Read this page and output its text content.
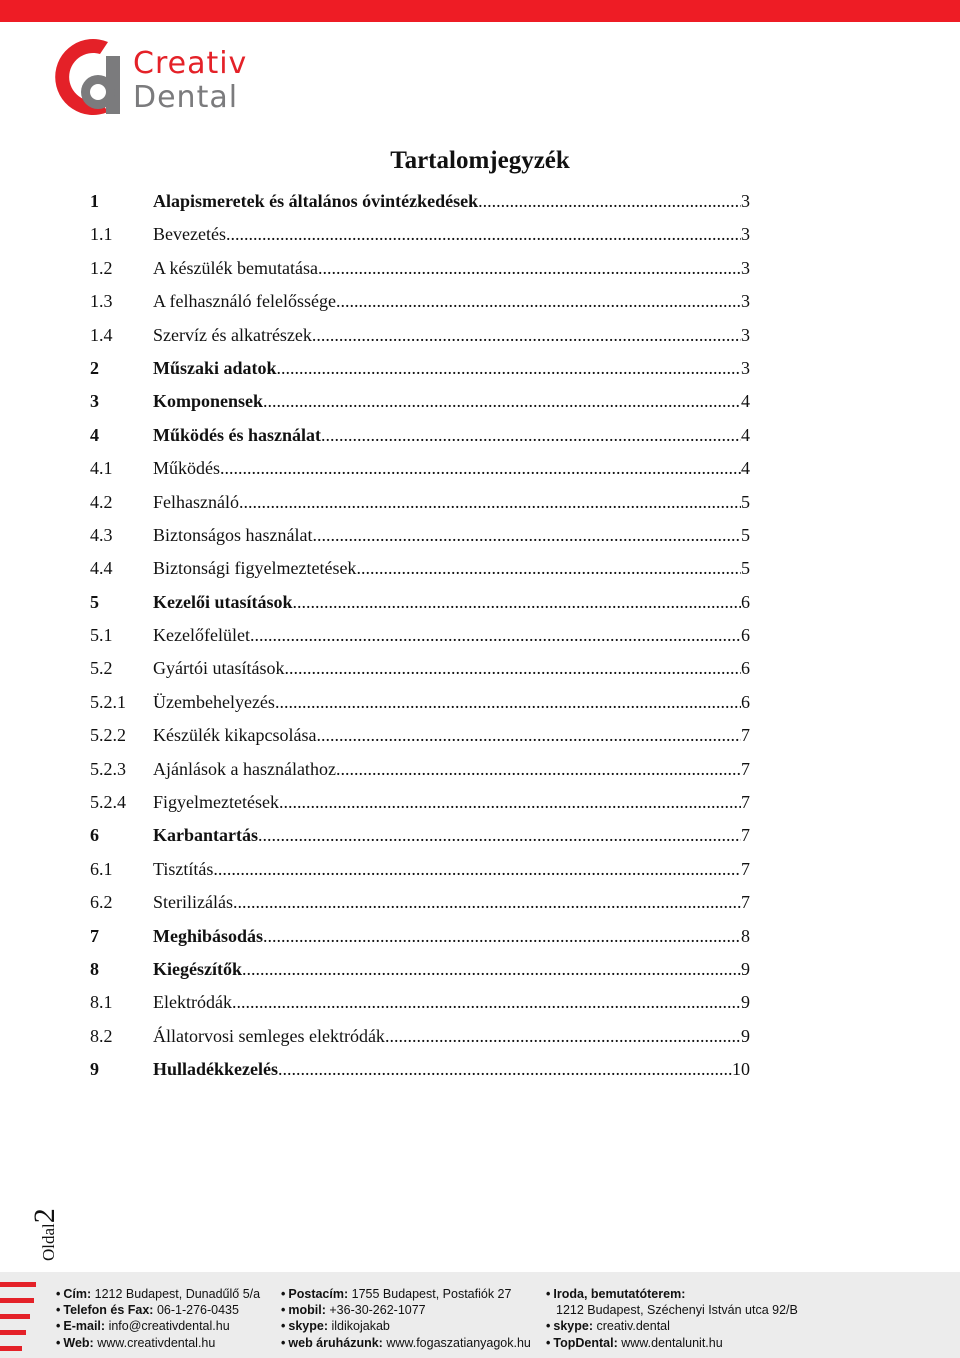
Creativ
Dental
Tartalomjegyzék
1	Alapismeretek és általános óvintézkedések .....	3
1.1 Bevezetés .....	3
1.2 A készülék bemutatása .....	3
1.3 A felhasználó felelőssége .....	3
1.4 Szervíz és alkatrészek .....	3
2	Műszaki adatok .....	3
3	Komponensek .....	4
4	Működés és használat .....	4
4.1 Működés .....	4
4.2 Felhasználó .....	5
4.3 Biztonságos használat .....	5
4.4 Biztonsági figyelmeztetések .....	5
5	Kezelői utasítások .....	6
5.1 Kezelőfelület .....	6
5.2 Gyártói utasítások .....	6
5.2.1 Üzembehelyezés .....	6
5.2.2 Készülék kikapcsolása .....	7
5.2.3 Ajánlások a használathoz .....	7
5.2.4 Figyelmeztetések .....	7
6	Karbantartás .....	7
6.1 Tisztítás .....	7
6.2 Sterilizálás .....	7
7	Meghibásodás .....	8
8	Kiegészítők .....	9
8.1 Elektródák .....	9
8.2 Állatorvosi semleges elektródák .....	9
9	Hulladékkezelés .....	10
Oldal2
• Cím: 1212 Budapest, Dunadűlő 5/a
• Telefon és Fax: 06-1-276-0435
• E-mail: info@creativdental.hu
• Web: www.creativdental.hu
• Postacím: 1755 Budapest, Postafiók 27
• mobil: +36-30-262-1077
• skype: ildikojakab
• web áruházunk: www.fogaszatianyagok.hu
• Iroda, bemutatóterem:
1212 Budapest, Széchenyi István utca 92/B
• skype: creativ.dental
• TopDental: www.dentalunit.hu
